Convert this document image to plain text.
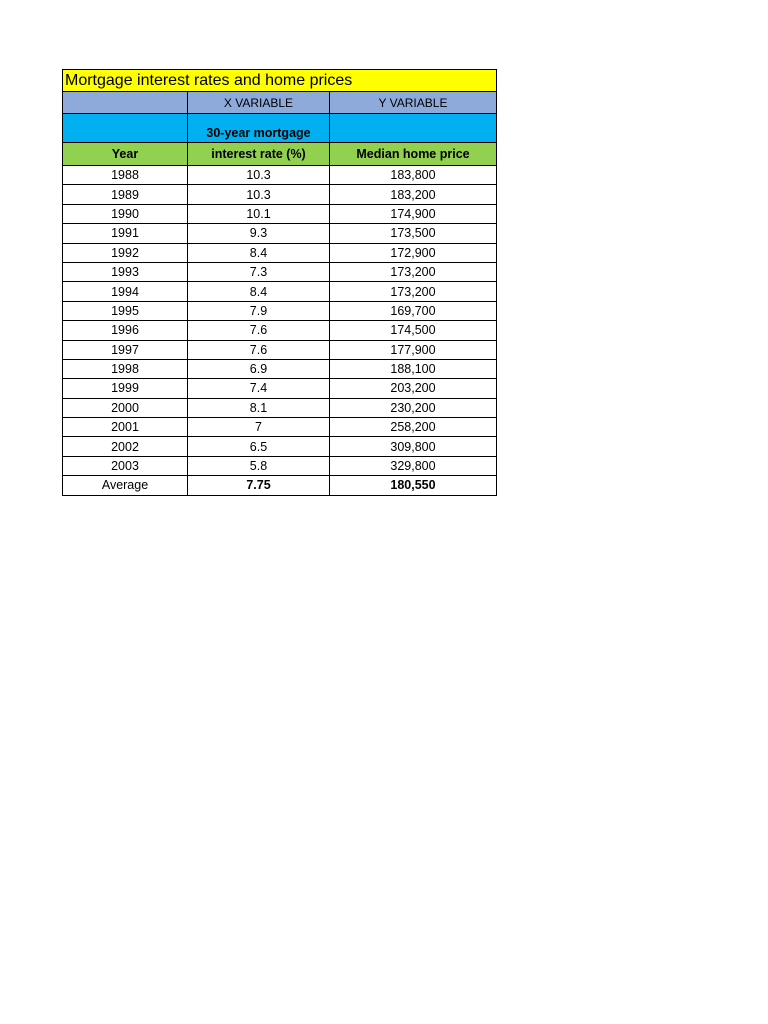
Mortgage interest rates and home prices		

	X VARIABLE	Y VARIABLE
	30-year mortgage	
Year	interest rate (%)	Median home price
1988	10.3	183,800
1989	10.3	183,200
1990	10.1	174,900
1991	9.3	173,500
1992	8.4	172,900
1993	7.3	173,200
1994	8.4	173,200
1995	7.9	169,700
1996	7.6	174,500
1997	7.6	177,900
1998	6.9	188,100
1999	7.4	203,200
2000	8.1	230,200
2001	7	258,200
2002	6.5	309,800
2003	5.8	329,800
Average	7.75	180,550
